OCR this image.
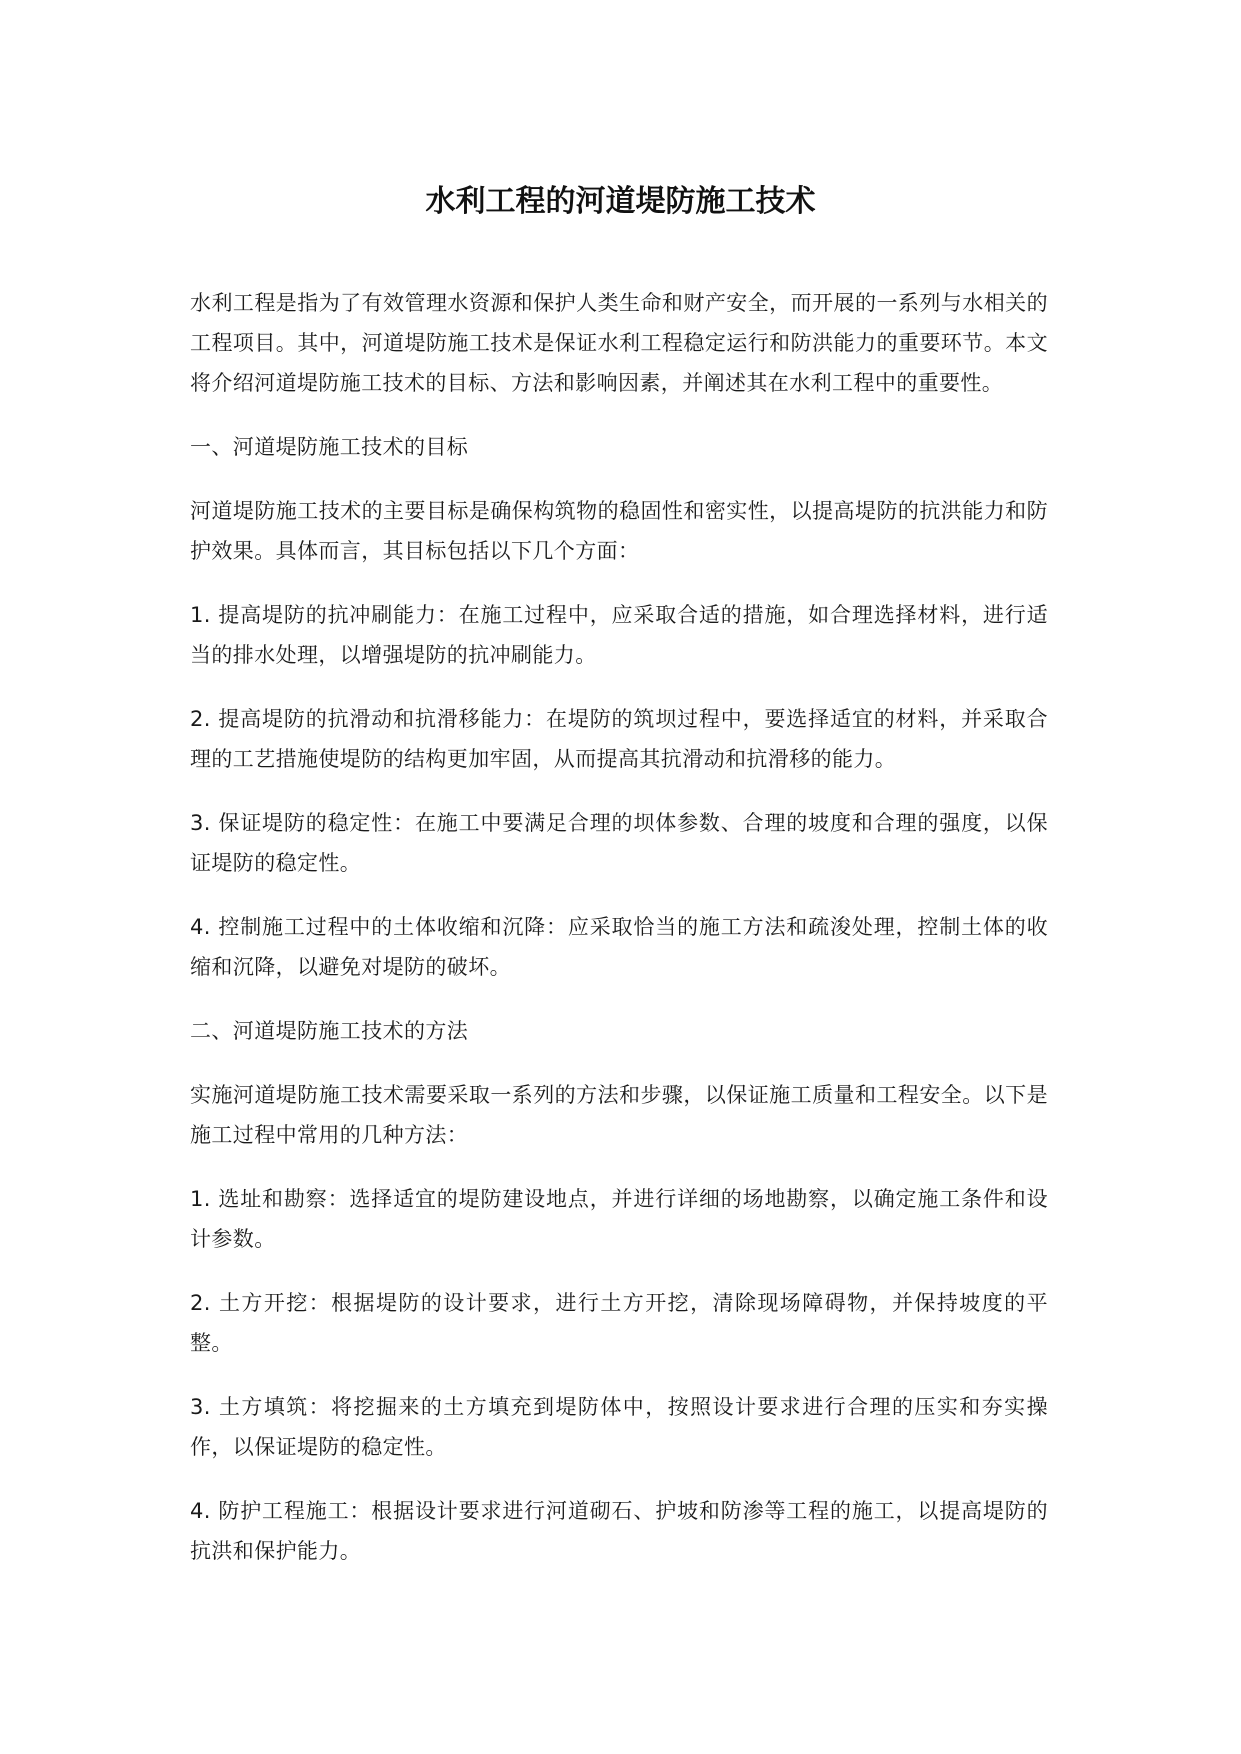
水利工程的河道堤防施工技术

水利工程是指为了有效管理水资源和保护人类生命和财产安全，而开展的一系列与水相关的工程项目。其中，河道堤防施工技术是保证水利工程稳定运行和防洪能力的重要环节。本文将介绍河道堤防施工技术的目标、方法和影响因素，并阐述其在水利工程中的重要性。

一、河道堤防施工技术的目标

河道堤防施工技术的主要目标是确保构筑物的稳固性和密实性，以提高堤防的抗洪能力和防护效果。具体而言，其目标包括以下几个方面：

1. 提高堤防的抗冲刷能力：在施工过程中，应采取合适的措施，如合理选择材料，进行适当的排水处理，以增强堤防的抗冲刷能力。

2. 提高堤防的抗滑动和抗滑移能力：在堤防的筑坝过程中，要选择适宜的材料，并采取合理的工艺措施使堤防的结构更加牢固，从而提高其抗滑动和抗滑移的能力。

3. 保证堤防的稳定性：在施工中要满足合理的坝体参数、合理的坡度和合理的强度，以保证堤防的稳定性。

4. 控制施工过程中的土体收缩和沉降：应采取恰当的施工方法和疏浚处理，控制土体的收缩和沉降，以避免对堤防的破坏。

二、河道堤防施工技术的方法

实施河道堤防施工技术需要采取一系列的方法和步骤，以保证施工质量和工程安全。以下是施工过程中常用的几种方法：

1. 选址和勘察：选择适宜的堤防建设地点，并进行详细的场地勘察，以确定施工条件和设计参数。

2. 土方开挖：根据堤防的设计要求，进行土方开挖，清除现场障碍物，并保持坡度的平整。

3. 土方填筑：将挖掘来的土方填充到堤防体中，按照设计要求进行合理的压实和夯实操作，以保证堤防的稳定性。

4. 防护工程施工：根据设计要求进行河道砌石、护坡和防渗等工程的施工，以提高堤防的抗洪和保护能力。
